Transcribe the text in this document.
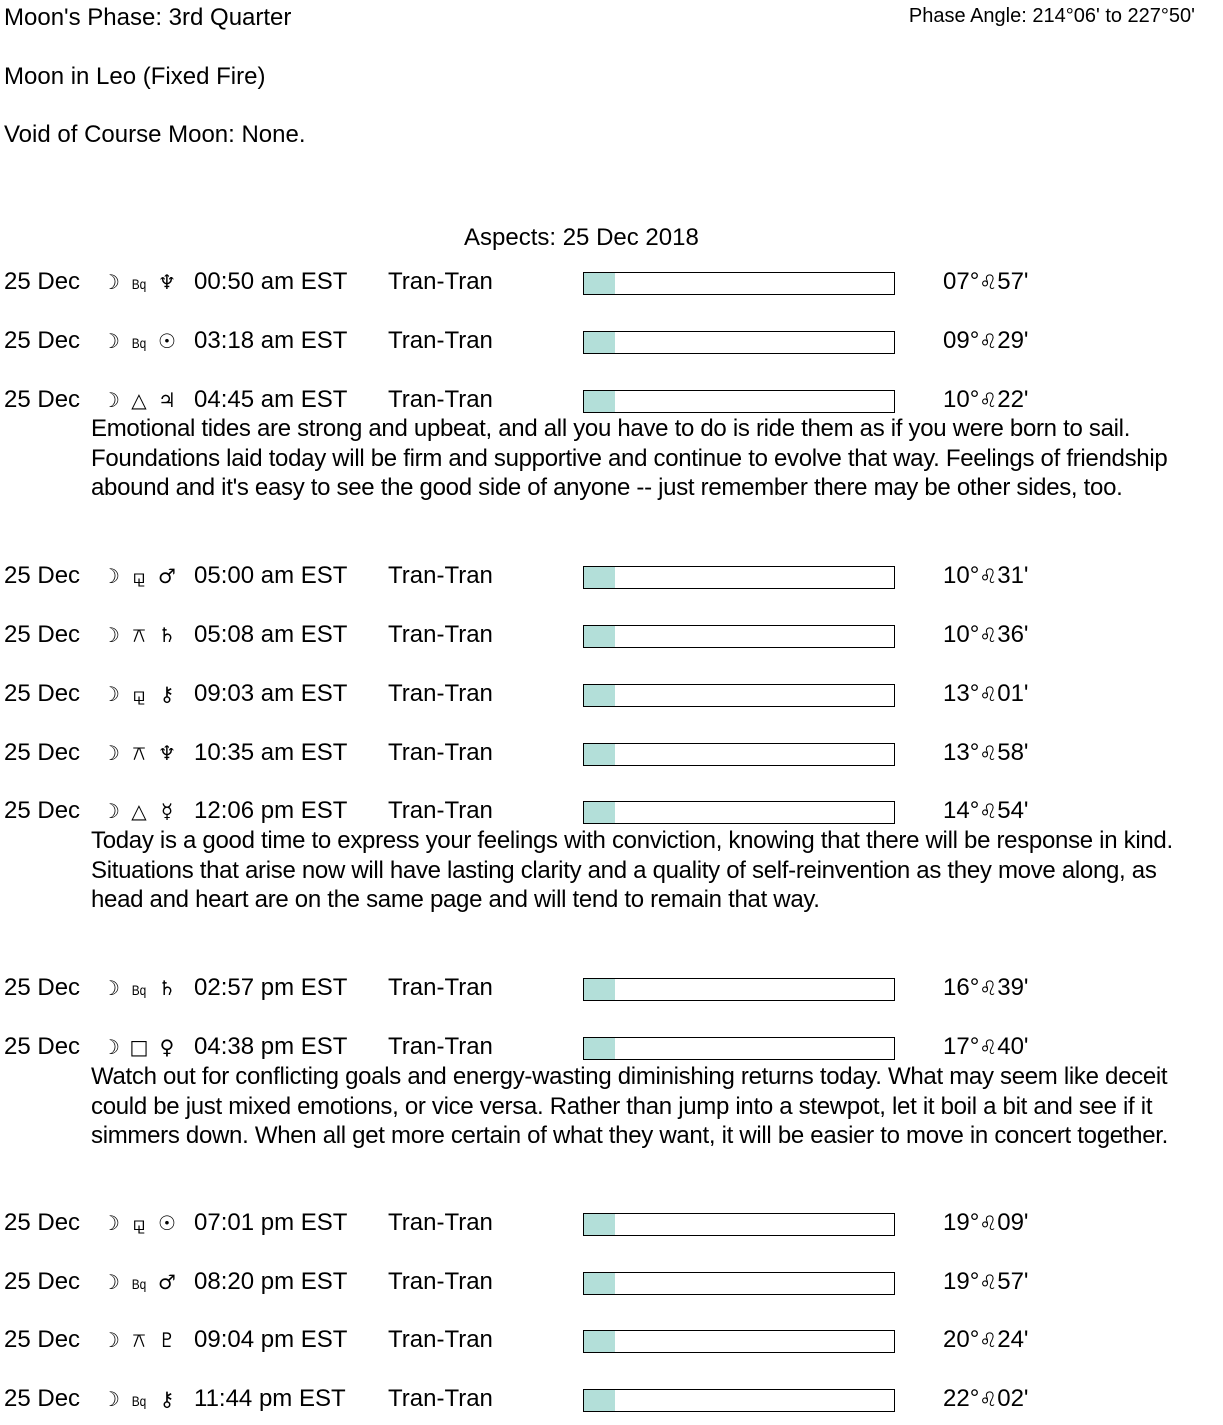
Moon's Phase: 3rd Quarter	Phase Angle: 214°06' to 227°50'
Moon in Leo (Fixed Fire)
Void of Course Moon: None.
Aspects: 25 Dec 2018
25 Dec ☽ Bq ♆ 00:50 am EST Tran-Tran	07°♌57'
25 Dec ☽ Bq ☉ 03:18 am EST Tran-Tran	09°♌29'
25 Dec ☽ △ ♃ 04:45 am EST Tran-Tran	10°♌22'
Emotional tides are strong and upbeat, and all you have to do is ride them as if you were born to sail. Foundations laid today will be firm and supportive and continue to evolve that way. Feelings of friendship abound and it's easy to see the good side of anyone -- just remember there may be other sides, too.
25 Dec ☽ ⚼ ♂ 05:00 am EST Tran-Tran	10°♌31'
25 Dec ☽ ⚻ ♄ 05:08 am EST Tran-Tran	10°♌36'
25 Dec ☽ ⚼ ⚷ 09:03 am EST Tran-Tran	13°♌01'
25 Dec ☽ ⚻ ♆ 10:35 am EST Tran-Tran	13°♌58'
25 Dec ☽ △ ☿ 12:06 pm EST Tran-Tran	14°♌54'
Today is a good time to express your feelings with conviction, knowing that there will be response in kind. Situations that arise now will have lasting clarity and a quality of self-reinvention as they move along, as head and heart are on the same page and will tend to remain that way.
25 Dec ☽ Bq ♄ 02:57 pm EST Tran-Tran	16°♌39'
25 Dec ☽ □ ♀ 04:38 pm EST Tran-Tran	17°♌40'
Watch out for conflicting goals and energy-wasting diminishing returns today. What may seem like deceit could be just mixed emotions, or vice versa. Rather than jump into a stewpot, let it boil a bit and see if it simmers down. When all get more certain of what they want, it will be easier to move in concert together.
25 Dec ☽ ⚼ ☉ 07:01 pm EST Tran-Tran	19°♌09'
25 Dec ☽ Bq ♂ 08:20 pm EST Tran-Tran	19°♌57'
25 Dec ☽ ⚻ ♇ 09:04 pm EST Tran-Tran	20°♌24'
25 Dec ☽ Bq ⚷ 11:44 pm EST Tran-Tran	22°♌02'
